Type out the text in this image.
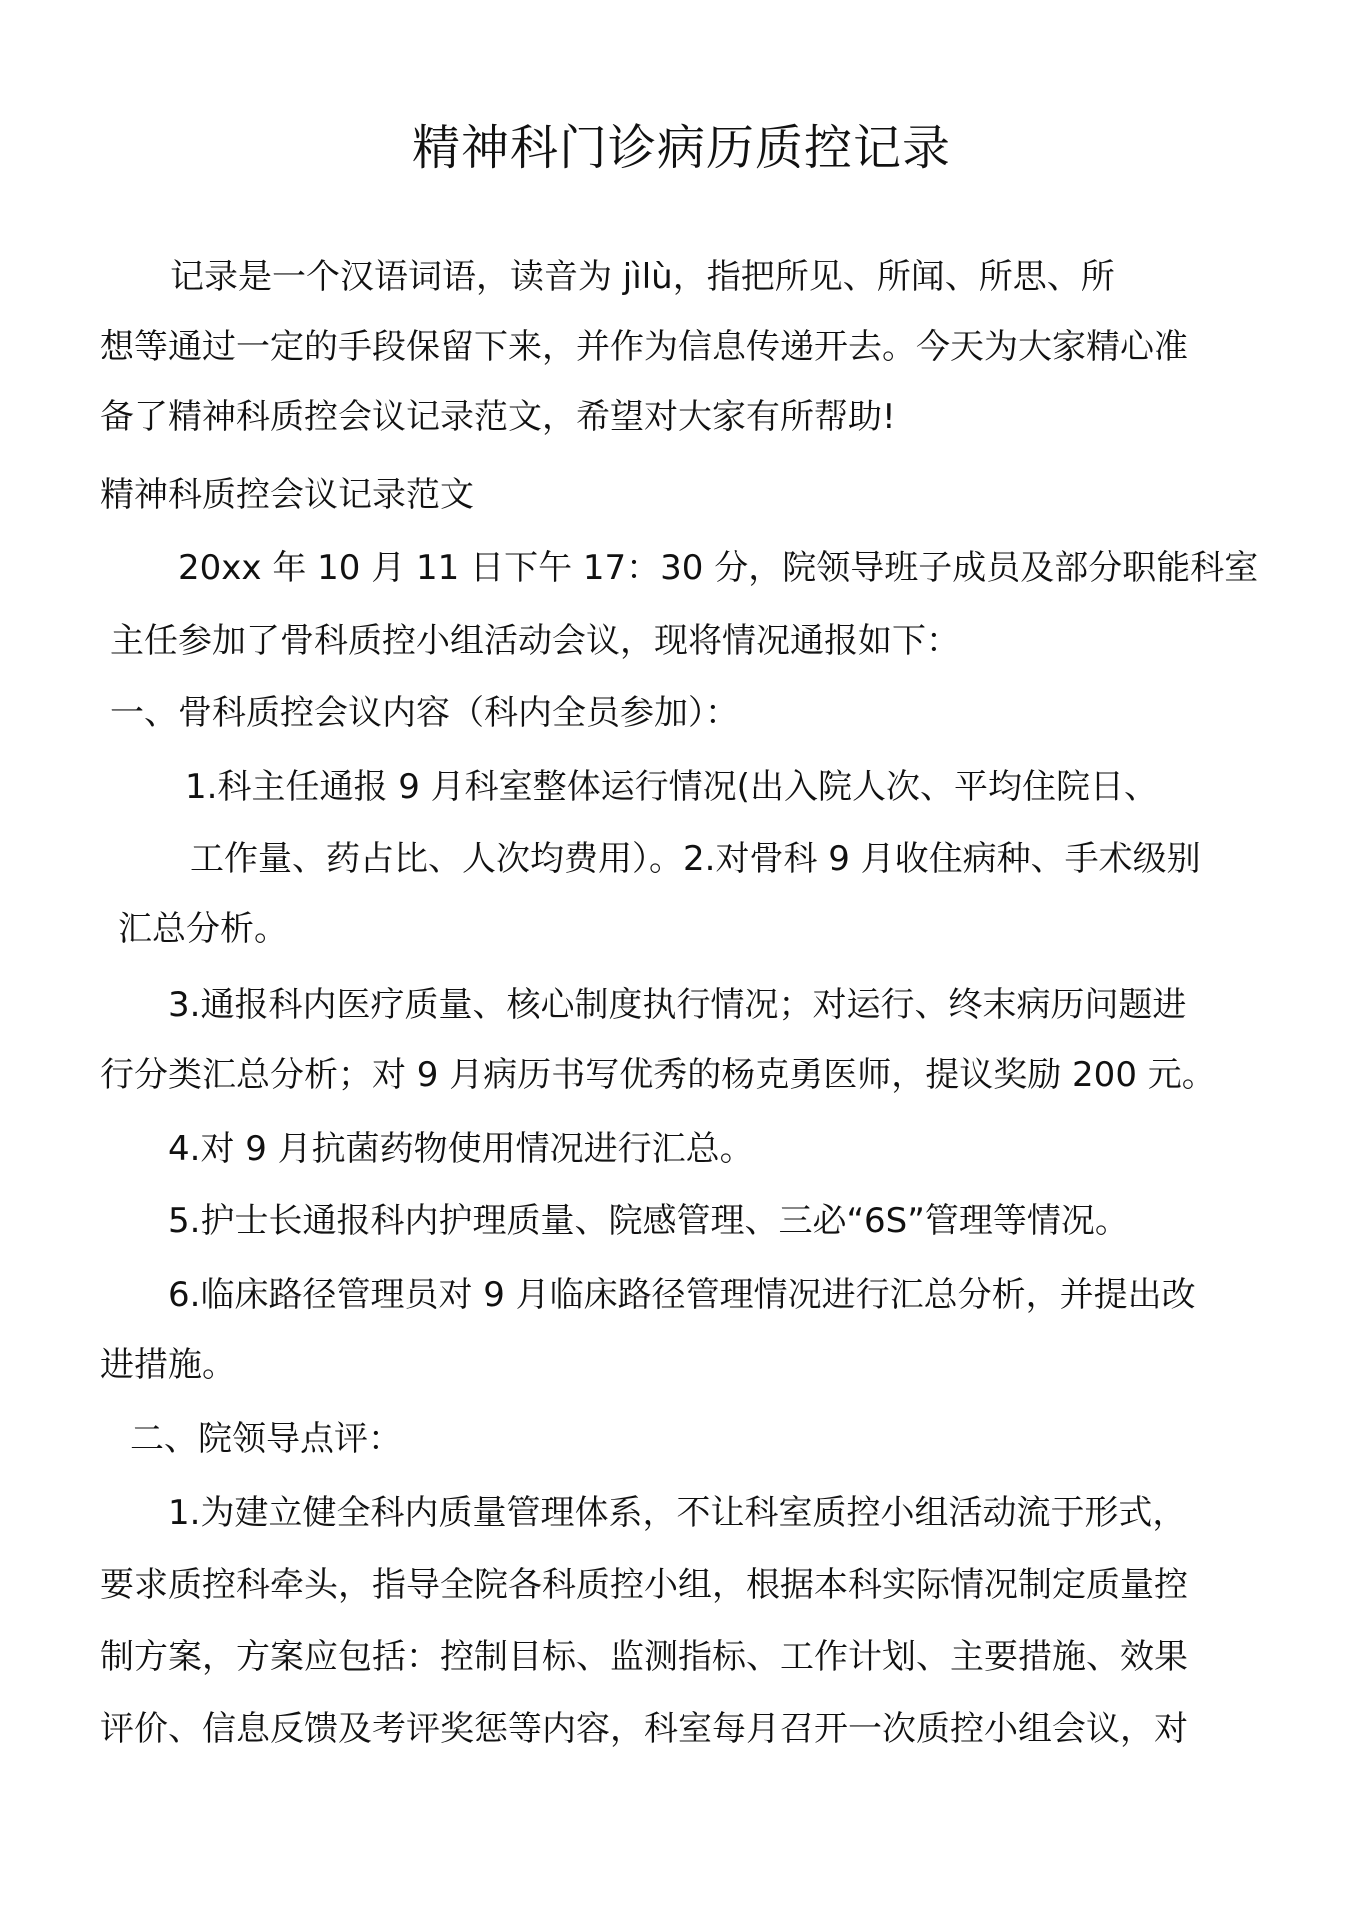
精神科门诊病历质控记录
记录是一个汉语词语，读音为 jìlù，指把所见、所闻、所思、所
想等通过一定的手段保留下来，并作为信息传递开去。今天为大家精心准
备了精神科质控会议记录范文，希望对大家有所帮助!
精神科质控会议记录范文
20xx 年 10 月 11 日下午 17：30 分，院领导班子成员及部分职能科室
主任参加了骨科质控小组活动会议，现将情况通报如下：
一、骨科质控会议内容（科内全员参加）：
1.科主任通报 9 月科室整体运行情况(出入院人次、平均住院日、
工作量、药占比、人次均费用）。2.对骨科 9 月收住病种、手术级别
汇总分析。
3.通报科内医疗质量、核心制度执行情况；对运行、终末病历问题进
行分类汇总分析；对 9 月病历书写优秀的杨克勇医师，提议奖励 200 元。
4.对 9 月抗菌药物使用情况进行汇总。
5.护士长通报科内护理质量、院感管理、三必“6S”管理等情况。
6.临床路径管理员对 9 月临床路径管理情况进行汇总分析，并提出改
进措施。
二、院领导点评：
1.为建立健全科内质量管理体系，不让科室质控小组活动流于形式，
要求质控科牵头，指导全院各科质控小组，根据本科实际情况制定质量控
制方案，方案应包括：控制目标、监测指标、工作计划、主要措施、效果
评价、信息反馈及考评奖惩等内容，科室每月召开一次质控小组会议，对
